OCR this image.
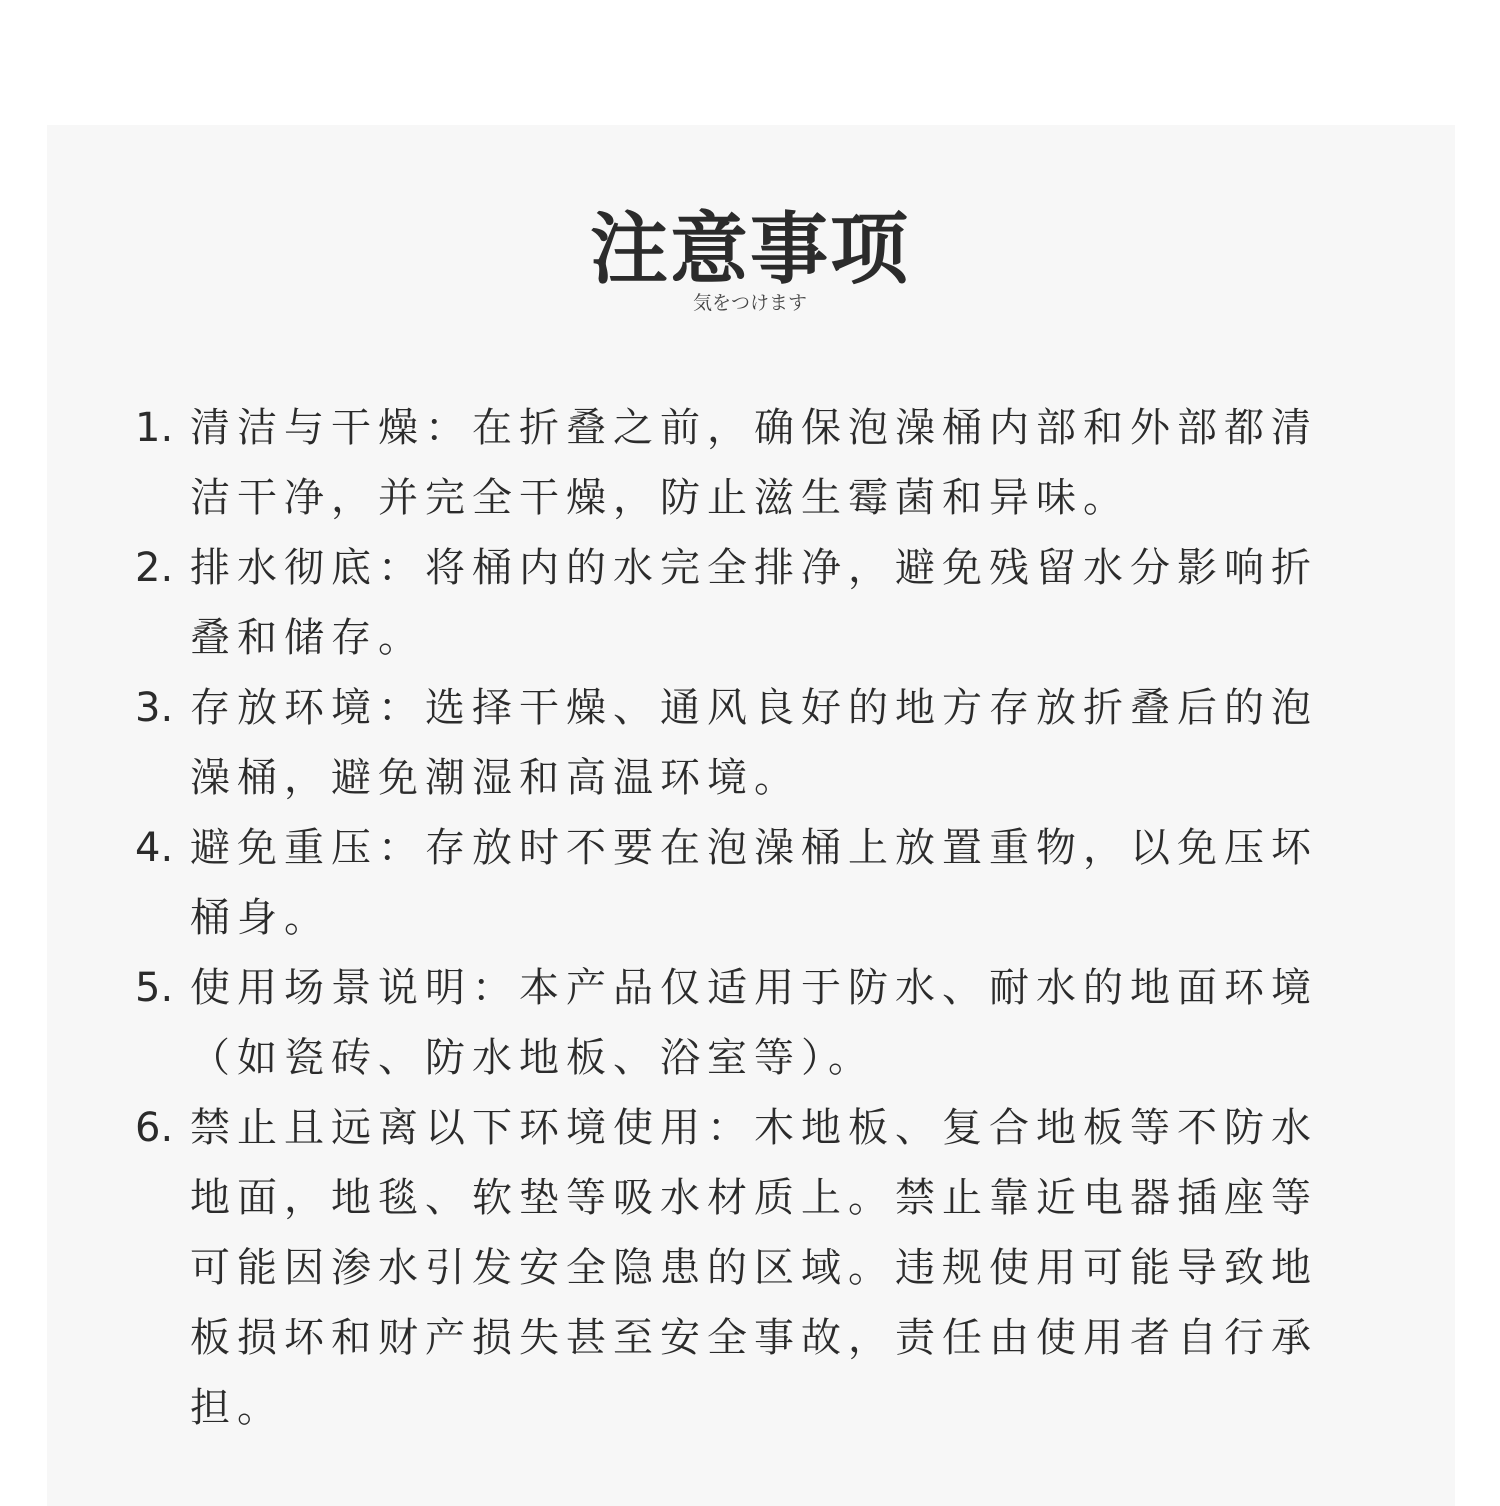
注意事项
気をつけます
1. 清洁与干燥：在折叠之前，确保泡澡桶内部和外部都清洁干净，并完全干燥，防止滋生霉菌和异味。
2. 排水彻底：将桶内的水完全排净，避免残留水分影响折叠和储存。
3. 存放环境：选择干燥、通风良好的地方存放折叠后的泡澡桶，避免潮湿和高温环境。
4. 避免重压：存放时不要在泡澡桶上放置重物，以免压坏桶身。
5. 使用场景说明：本产品仅适用于防水、耐水的地面环境（如瓷砖、防水地板、浴室等）。
6. 禁止且远离以下环境使用：木地板、复合地板等不防水地面，地毯、软垫等吸水材质上。禁止靠近电器插座等可能因渗水引发安全隐患的区域。违规使用可能导致地板损坏和财产损失甚至安全事故，责任由使用者自行承担。
